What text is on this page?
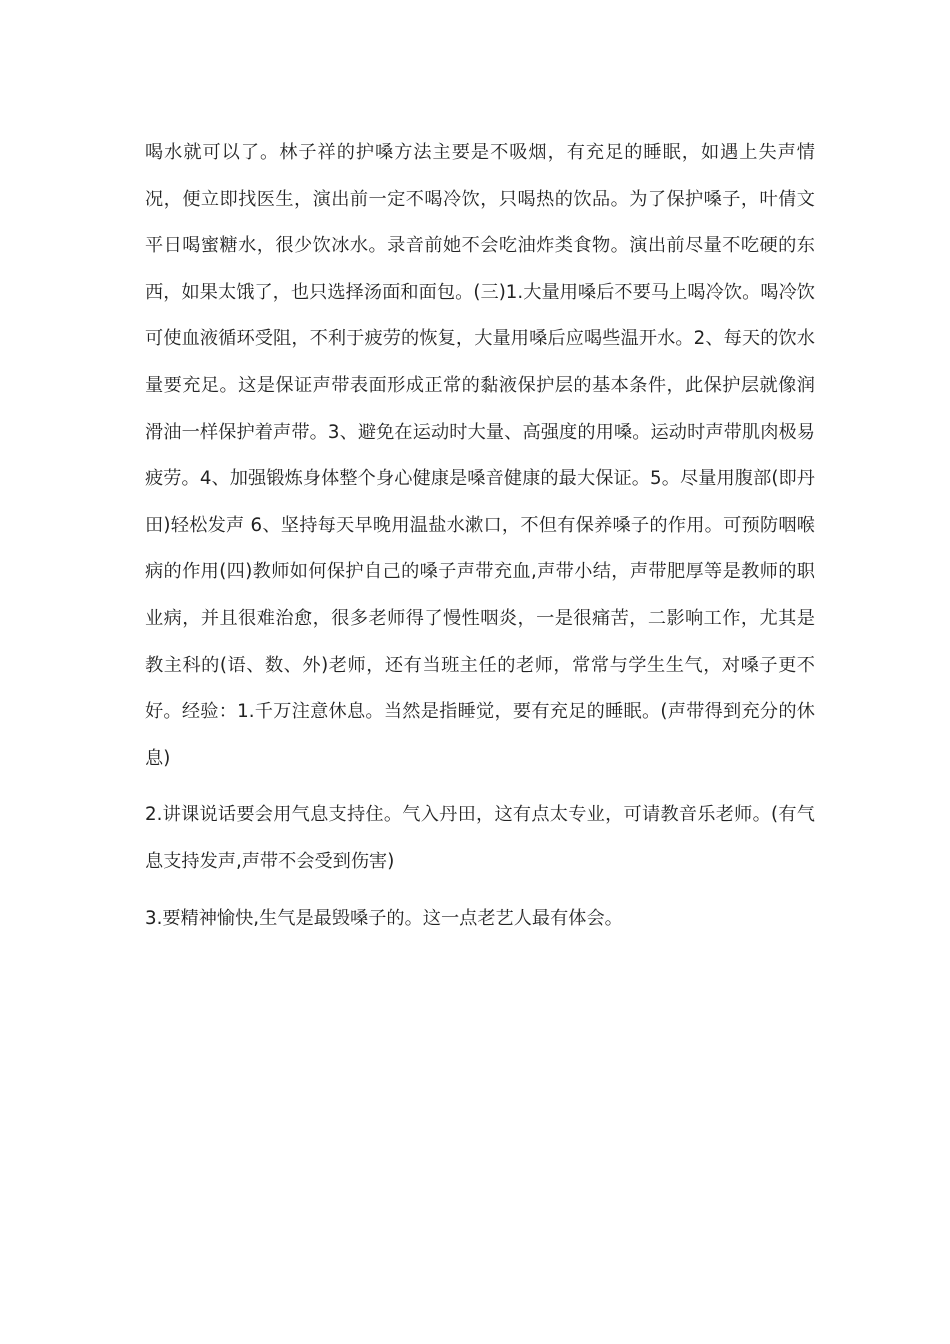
喝水就可以了。林子祥的护嗓方法主要是不吸烟，有充足的睡眠，如遇上失声情况，便立即找医生，演出前一定不喝冷饮，只喝热的饮品。为了保护嗓子，叶倩文平日喝蜜糖水，很少饮冰水。录音前她不会吃油炸类食物。演出前尽量不吃硬的东西，如果太饿了，也只选择汤面和面包。(三)1.大量用嗓后不要马上喝冷饮。喝冷饮可使血液循环受阻，不利于疲劳的恢复，大量用嗓后应喝些温开水。2、每天的饮水量要充足。这是保证声带表面形成正常的黏液保护层的基本条件，此保护层就像润滑油一样保护着声带。3、避免在运动时大量、高强度的用嗓。运动时声带肌肉极易疲劳。4、加强锻炼身体整个身心健康是嗓音健康的最大保证。5。尽量用腹部(即丹田)轻松发声 6、坚持每天早晚用温盐水漱口，不但有保养嗓子的作用。可预防咽喉病的作用(四)教师如何保护自己的嗓子声带充血,声带小结，声带肥厚等是教师的职业病，并且很难治愈，很多老师得了慢性咽炎，一是很痛苦，二影响工作，尤其是教主科的(语、数、外)老师，还有当班主任的老师，常常与学生生气，对嗓子更不好。经验：1.千万注意休息。当然是指睡觉，要有充足的睡眠。(声带得到充分的休息)

2.讲课说话要会用气息支持住。气入丹田，这有点太专业，可请教音乐老师。(有气息支持发声,声带不会受到伤害)

3.要精神愉快,生气是最毁嗓子的。这一点老艺人最有体会。
